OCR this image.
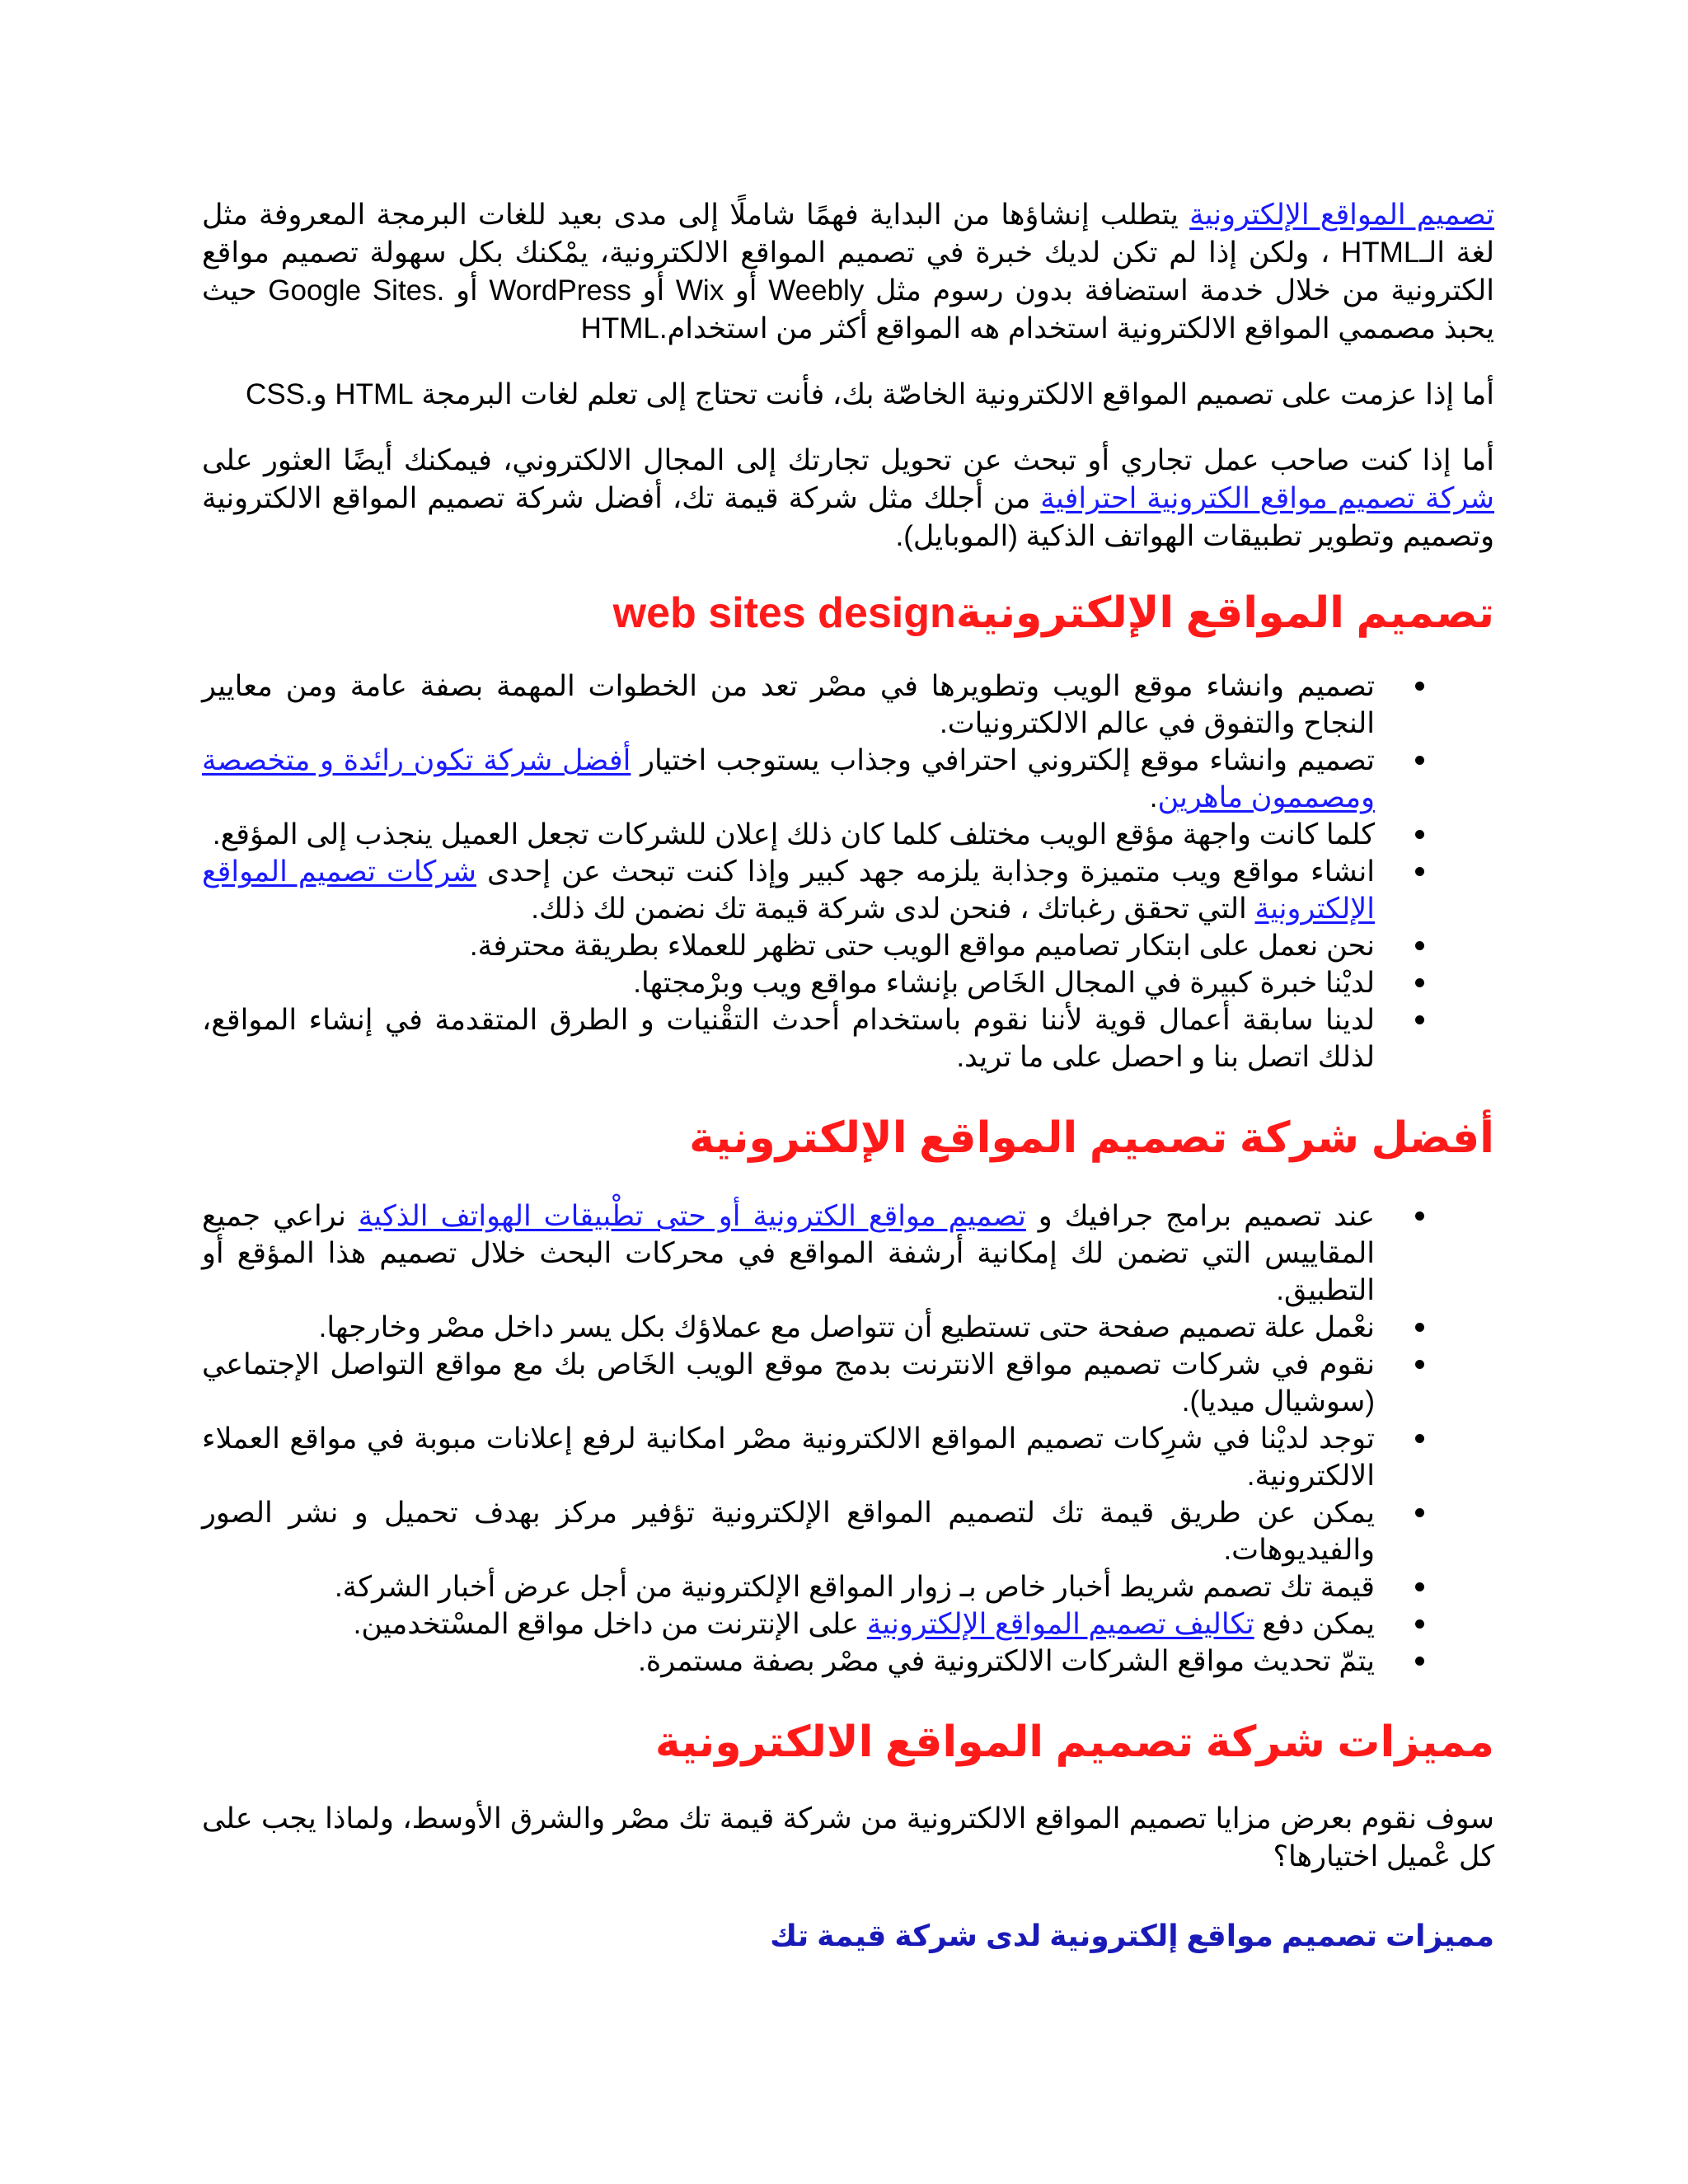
تصميم المواقع الإلكترونية يتطلب إنشاؤها من البداية فهمًا شاملًا إلى مدى بعيد للغات البرمجة المعروفة مثل لغة الـHTML ، ولكن إذا لم تكن لديك خبرة في تصميم المواقع الالكترونية، يمْكنك بكل سهولة تصميم مواقع الكترونية من خلال خدمة استضافة بدون رسوم مثل Weebly أو Wix أو WordPress أو .Google Sites حيث يحبذ مصممي المواقع الالكترونية استخدام هه المواقع أكثر من استخدام.HTML

أما إذا عزمت على تصميم المواقع الالكترونية الخاصّة بك، فأنت تحتاج إلى تعلم لغات البرمجة HTML و.CSS

أما إذا كنت صاحب عمل تجاري أو تبحث عن تحويل تجارتك إلى المجال الالكتروني، فيمكنك أيضًا العثور على شركة تصميم مواقع الكترونية احترافية من أجلك مثل شركة قيمة تك، أفضل شركة تصميم المواقع الالكترونية وتصميم وتطوير تطبيقات الهواتف الذكية (الموبايل).

تصميم المواقع الإلكترونيةweb sites design
تصميم وانشاء موقع الويب وتطويرها في مصْر تعد من الخطوات المهمة بصفة عامة ومن معايير النجاح والتفوق في عالم الالكترونيات.
تصميم وانشاء موقع إلكتروني احترافي وجذاب يستوجب اختيار أفضل شركة تكون رائدة و متخصصة ومصممون ماهرين.
كلما كانت واجهة مؤقع الويب مختلف كلما كان ذلك إعلان للشركات تجعل العميل ينجذب إلى المؤقع.
انشاء مواقع ويب متميزة وجذابة يلزمه جهد كبير وإذا كنت تبحث عن إحدى شركات تصميم المواقع الإلكترونية التي تحقق رغباتك ، فنحن لدى شركة قيمة تك نضمن لك ذلك.
نحن نعمل على ابتكار تصاميم مواقع الويب حتى تظهر للعملاء بطريقة محترفة.
لديْنا خبرة كبيرة في المجال الخَاص بإنشاء مواقع ويب وبرْمجتها.
لدينا سابقة أعمال قوية لأننا نقوم باستخدام أحدث التقْنيات و الطرق المتقدمة في إنشاء المواقع، لذلك اتصل بنا و احصل على ما تريد.
أفضل شركة تصميم المواقع الإلكترونية
عند تصميم برامج جرافيك و تصميم مواقع الكترونية أو حتى تطْبيقات الهواتف الذكية نراعي جميع المقاييس التي تضمن لك إمكانية أرشفة المواقع في محركات البحث خلال تصميم هذا المؤقع أو التطبيق.
نعْمل علة تصميم صفحة حتى تستطيع أن تتواصل مع عملاؤك بكل يسر داخل مصْر وخارجها.
نقوم في شركات تصميم مواقع الانترنت بدمج موقع الويب الخَاص بك مع مواقع التواصل الإجتماعي (سوشيال ميديا).
توجد لديْنا في شرِكات تصميم المواقع الالكترونية مصْر امكانية لرفع إعلانات مبوبة في مواقع العملاء الالكترونية.
يمكن عن طريق قيمة تك لتصميم المواقع الإلكترونية تؤفير مركز بهدف تحميل و نشر الصور والفيديوهات.
قيمة تك تصمم شريط أخبار خاص بـ زوار المواقع الإلكترونية من أجل عرض أخبار الشركة.
يمكن دفع تكاليف تصميم المواقع الإلكترونية على الإنترنت من داخل مواقع المسْتخدمين.
يتمّ تحديث مواقع الشركات الالكترونية في مصْر بصفة مستمرة.
مميزات شركة تصميم المواقع الالكترونية

سوف نقوم بعرض مزايا تصميم المواقع الالكترونية من شركة قيمة تك مصْر والشرق الأوسط، ولماذا يجب على كل عْميل اختيارها؟

مميزات تصميم مواقع إلكترونية لدى شركة قيمة تك
